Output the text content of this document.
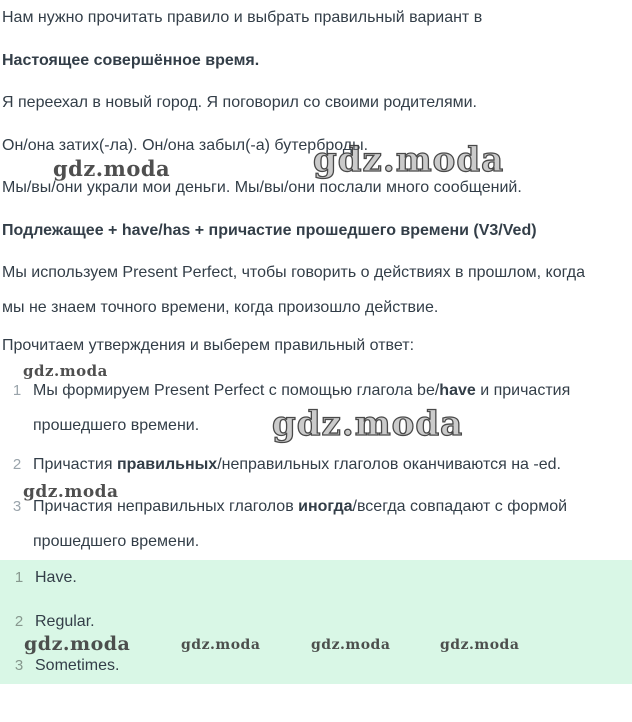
Нам нужно прочитать правило и выбрать правильный вариант в

Настоящее совершённое время.

Я переехал в новый город. Я поговорил со своими родителями.

Он/она затих(-ла). Он/она забыл(-а) бутерброды.

Мы/вы/они украли мои деньги. Мы/вы/они послали много сообщений.

Подлежащее + have/has + причастие прошедшего времени (V3/Ved)

Мы используем Present Perfect, чтобы говорить о действиях в прошлом, когда
мы не знаем точного времени, когда произошло действие.

Прочитаем утверждения и выберем правильный ответ:

1 Мы формируем Present Perfect с помощью глагола be/have и причастия
прошедшего времени.
2 Причастия правильных/неправильных глаголов оканчиваются на -ed.
3 Причастия неправильных глаголов иногда/всегда совпадают с формой
прошедшего времени.
1 Have.
2 Regular.
3 Sometimes.
gdz.moda	gdz.moda
gdz.moda
gdz.moda
gdz.moda
gdz.moda	gdz.moda	gdz.moda	gdz.moda
